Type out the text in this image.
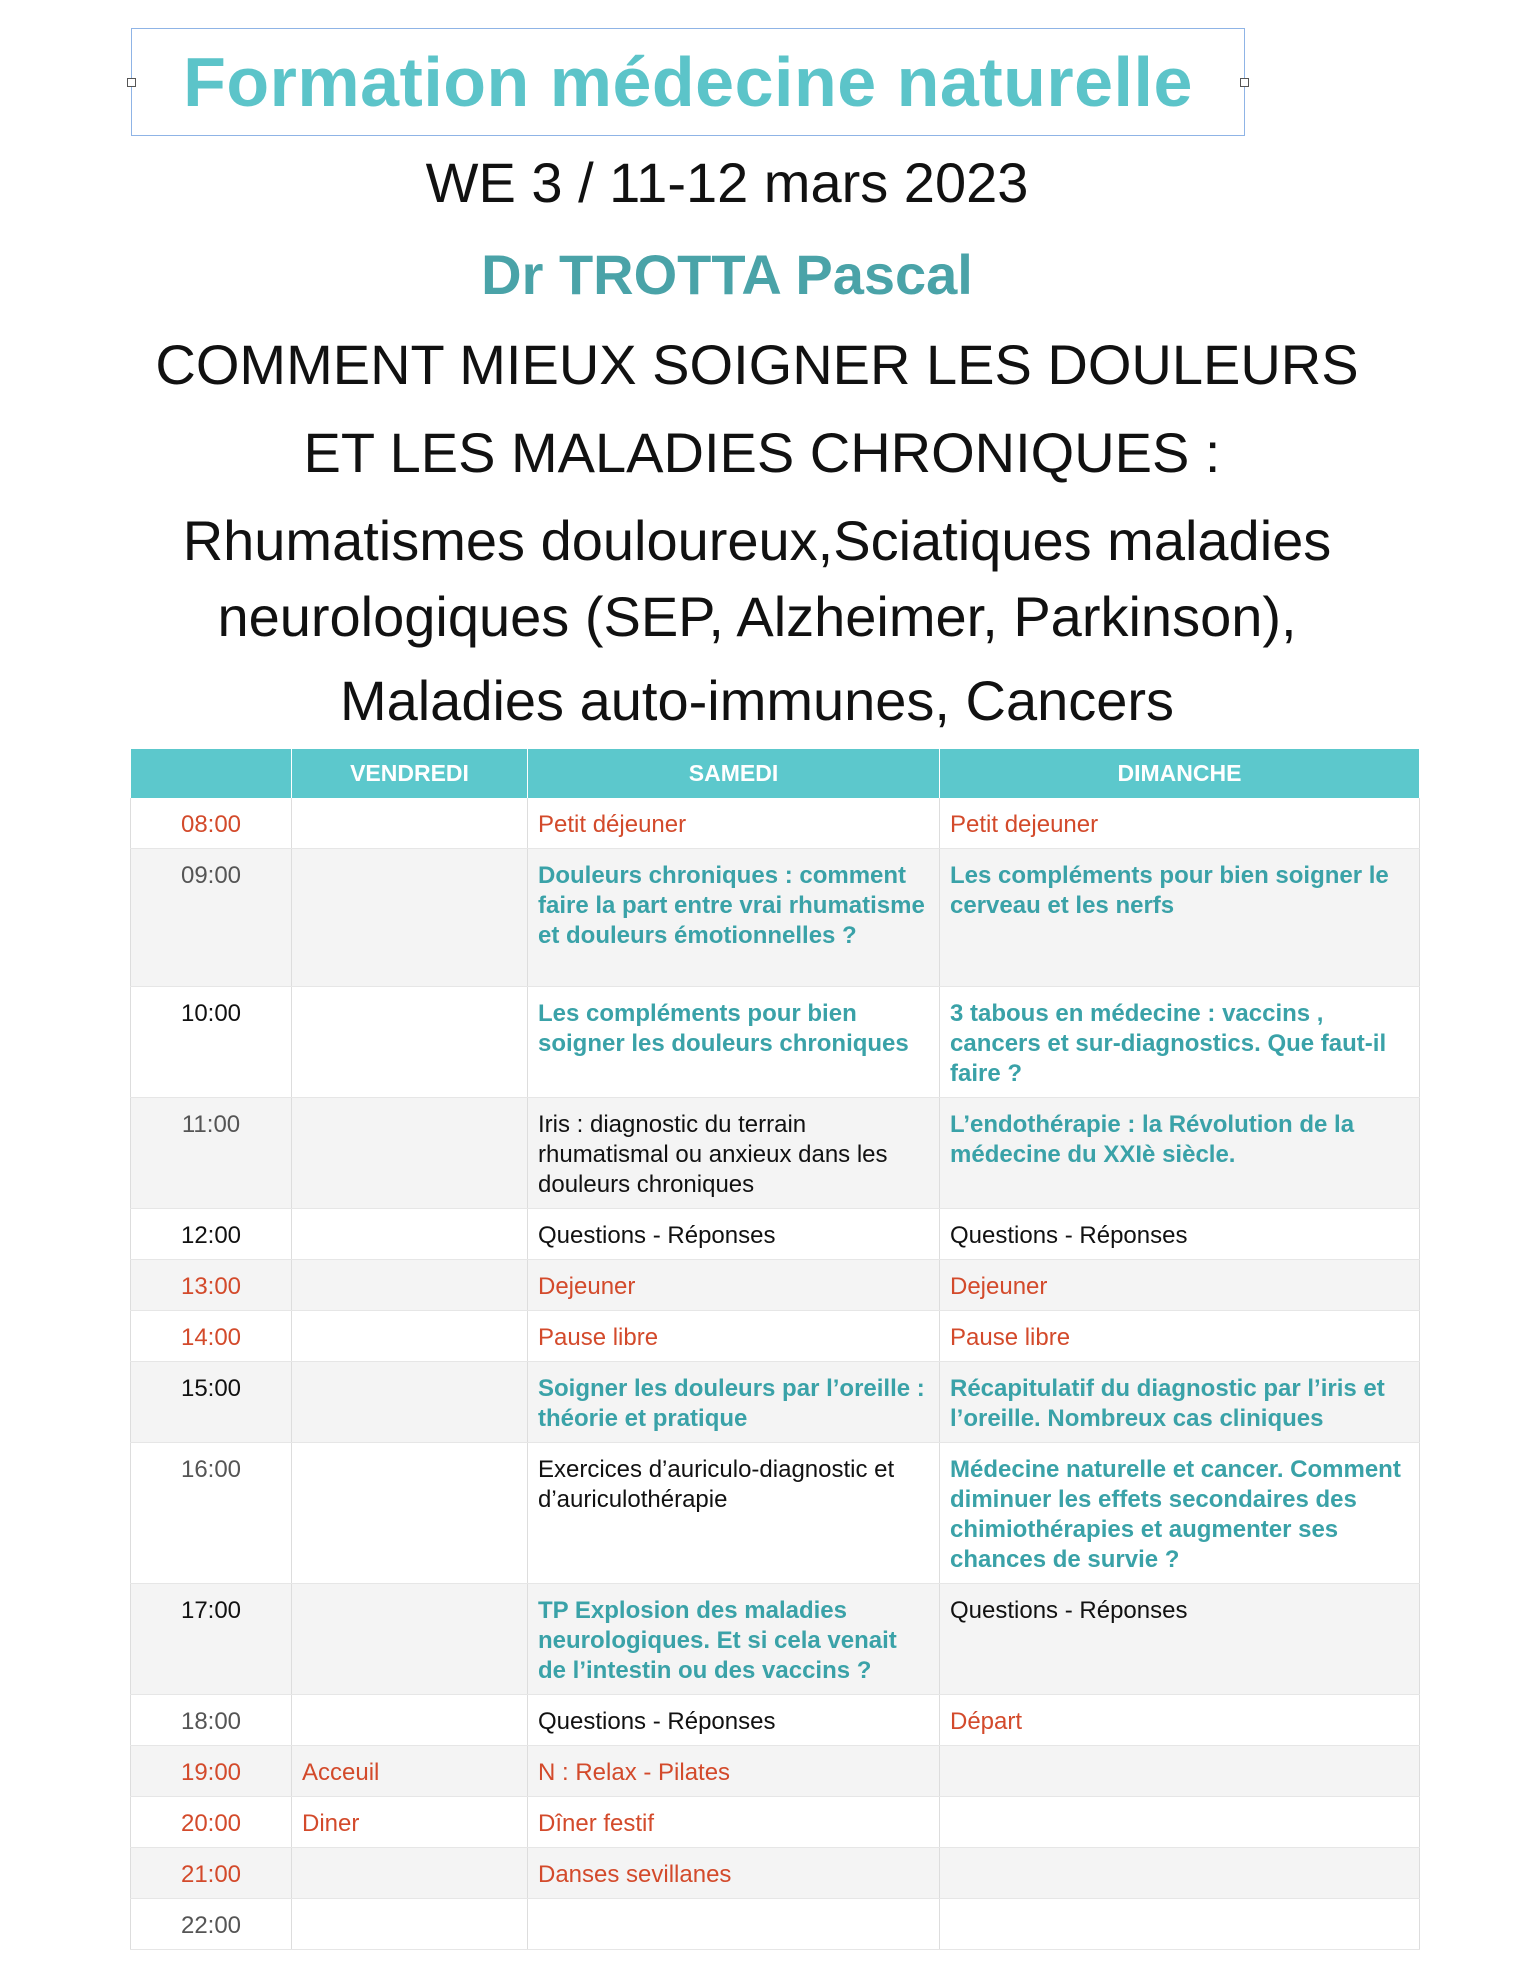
Formation médecine naturelle
WE 3 / 11-12 mars 2023
Dr TROTTA Pascal
COMMENT MIEUX SOIGNER LES DOULEURS
ET LES MALADIES CHRONIQUES :
Rhumatismes douloureux,Sciatiques maladies
neurologiques (SEP, Alzheimer, Parkinson),
Maladies auto-immunes, Cancers
	VENDREDI	SAMEDI	DIMANCHE
08:00		Petit déjeuner	Petit dejeuner
09:00		Douleurs chroniques : comment faire la part entre vrai rhumatisme et douleurs émotionnelles ?	Les compléments pour bien soigner le cerveau et les nerfs
10:00		Les compléments pour bien soigner les douleurs chroniques	3 tabous en médecine : vaccins , cancers et sur-diagnostics. Que faut-il faire ?
11:00		Iris : diagnostic du terrain rhumatismal ou anxieux dans les douleurs chroniques	L’endothérapie : la Révolution de la médecine du XXIè siècle.
12:00		Questions - Réponses	Questions - Réponses
13:00		Dejeuner	Dejeuner
14:00		Pause libre	Pause libre
15:00		Soigner les douleurs par l’oreille : théorie et pratique	Récapitulatif du diagnostic par l’iris et l’oreille. Nombreux cas cliniques
16:00		Exercices d’auriculo-diagnostic et d’auriculothérapie	Médecine naturelle et cancer. Comment diminuer les effets secondaires des chimiothérapies et augmenter ses chances de survie ?
17:00		TP Explosion des maladies neurologiques. Et si cela venait de l’intestin ou des vaccins ?	Questions - Réponses
18:00		Questions - Réponses	Départ
19:00	Acceuil	N : Relax - Pilates	
20:00	Diner	Dîner festif	
21:00		Danses sevillanes	
22:00			
